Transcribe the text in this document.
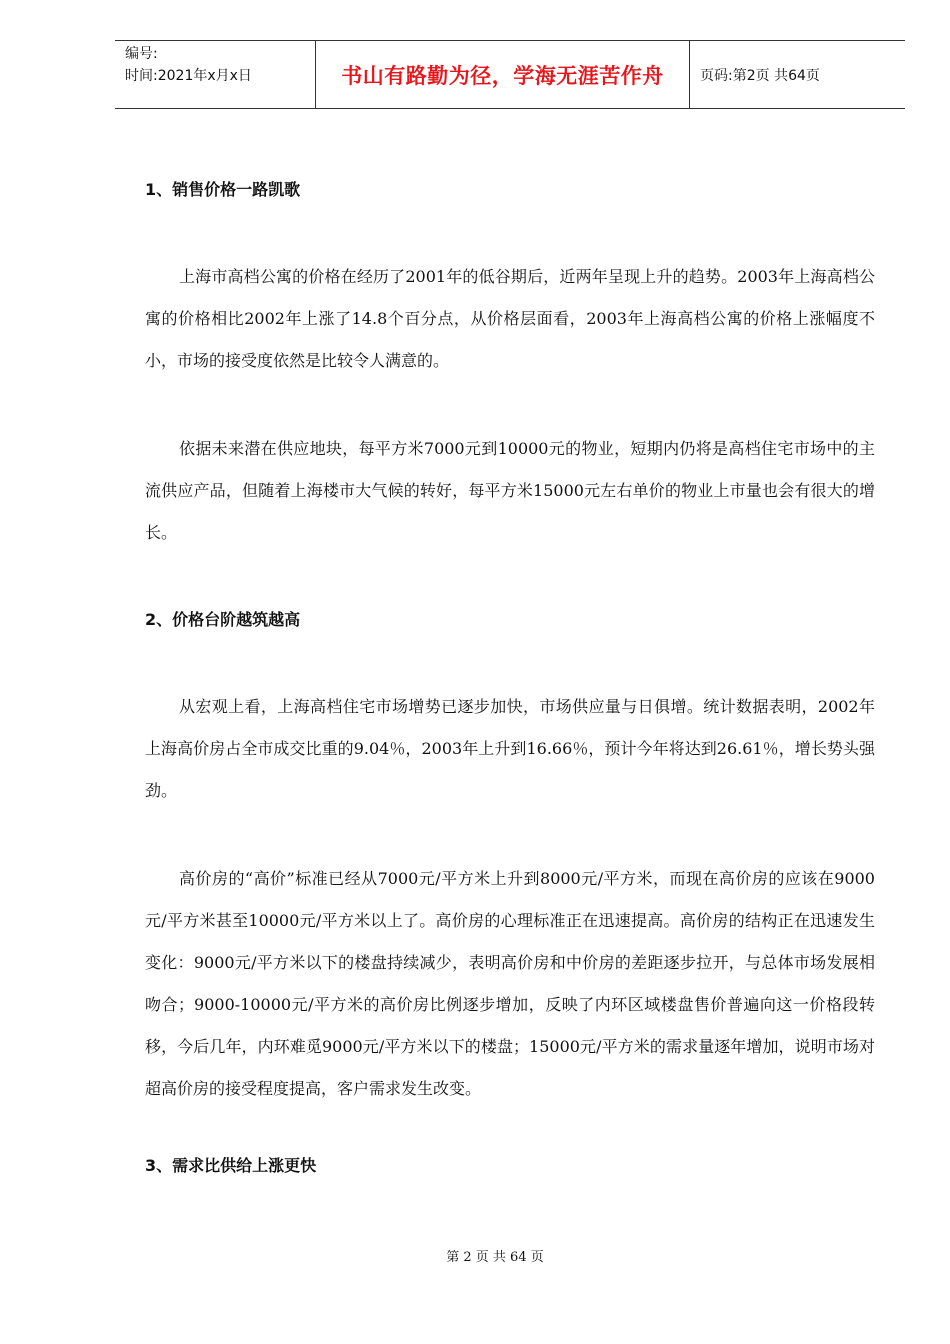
编号:
时间:2021年x月x日	书山有路勤为径，学海无涯苦作舟	页码:第2页 共64页
1、销售价格一路凯歌

上海市高档公寓的价格在经历了2001年的低谷期后，近两年呈现上升的趋势。2003年上海高档公寓的价格相比2002年上涨了14.8个百分点，从价格层面看，2003年上海高档公寓的价格上涨幅度不小，市场的接受度依然是比较令人满意的。

依据未来潜在供应地块，每平方米7000元到10000元的物业，短期内仍将是高档住宅市场中的主流供应产品，但随着上海楼市大气候的转好，每平方米15000元左右单价的物业上市量也会有很大的增长。

2、价格台阶越筑越高

从宏观上看，上海高档住宅市场增势已逐步加快，市场供应量与日俱增。统计数据表明，2002年上海高价房占全市成交比重的9.04％，2003年上升到16.66％，预计今年将达到26.61％，增长势头强劲。

高价房的“高价”标准已经从7000元/平方米上升到8000元/平方米，而现在高价房的应该在9000元/平方米甚至10000元/平方米以上了。高价房的心理标准正在迅速提高。高价房的结构正在迅速发生变化：9000元/平方米以下的楼盘持续减少，表明高价房和中价房的差距逐步拉开，与总体市场发展相吻合；9000-10000元/平方米的高价房比例逐步增加，反映了内环区域楼盘售价普遍向这一价格段转移，今后几年，内环难觅9000元/平方米以下的楼盘；15000元/平方米的需求量逐年增加，说明市场对超高价房的接受程度提高，客户需求发生改变。

3、需求比供给上涨更快
第 2 页 共 64 页
